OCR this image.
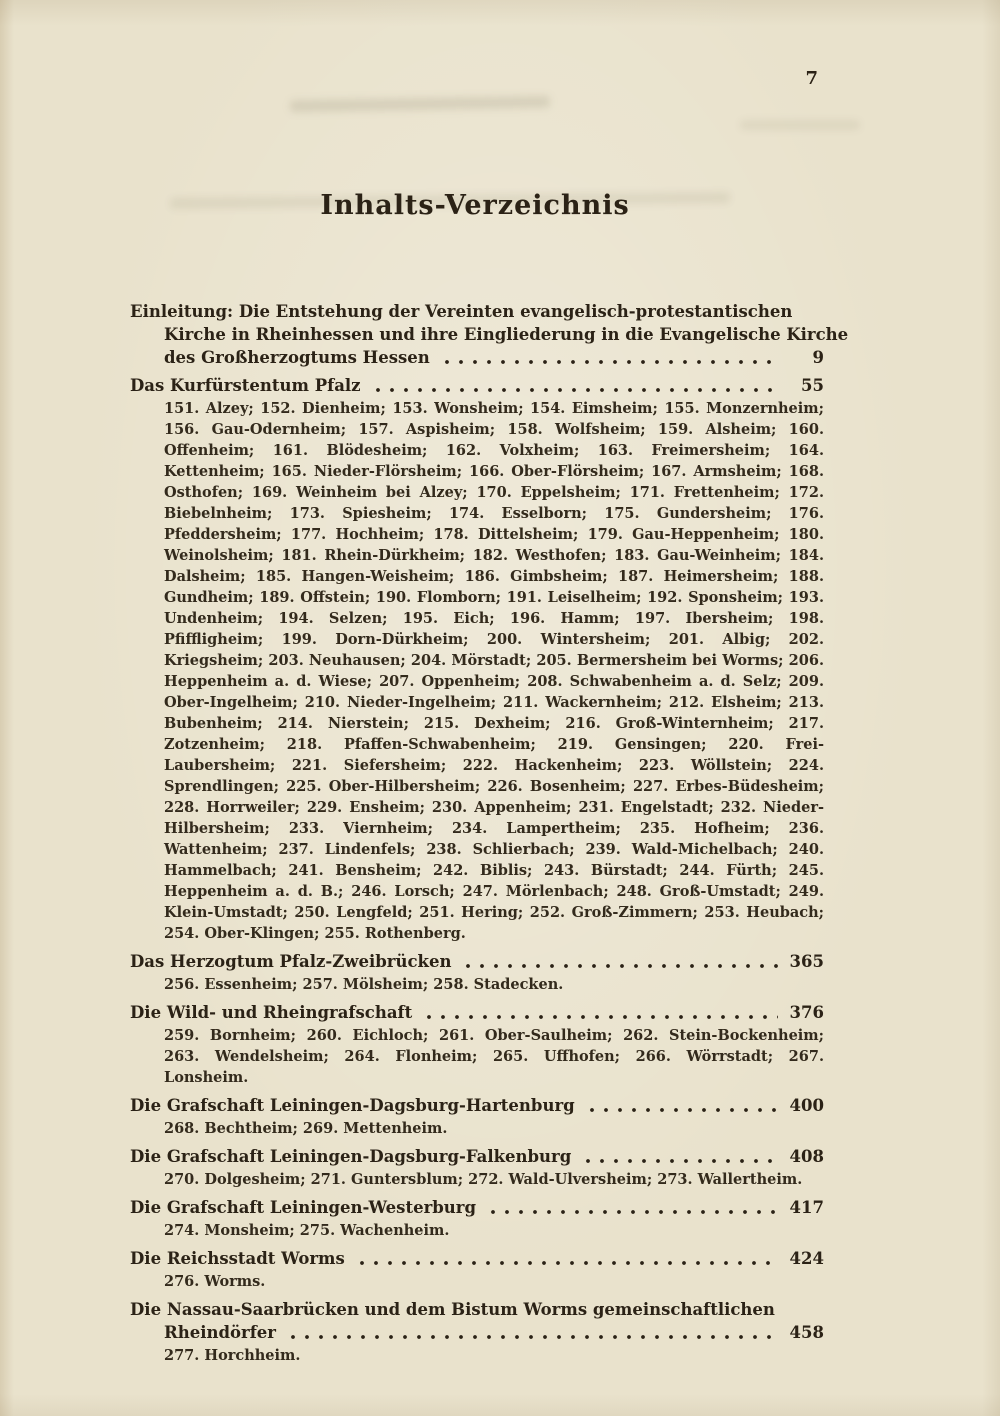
7
Inhalts-Verzeichnis
Einleitung: Die Entstehung der Vereinten evangelisch-protestantischen
Kirche in Rheinhessen und ihre Eingliederung in die Evangelische Kirche
des Großherzogtums Hessen	9
Das Kurfürstentum Pfalz	55
151. Alzey; 152. Dienheim; 153. Wonsheim; 154. Eimsheim; 155. Monzernheim; 156. Gau-Odernheim; 157. Aspisheim; 158. Wolfsheim; 159. Alsheim; 160. Offenheim; 161. Blödesheim; 162. Volxheim; 163. Freimersheim; 164. Kettenheim; 165. Nieder-Flörsheim; 166. Ober-Flörsheim; 167. Armsheim; 168. Osthofen; 169. Weinheim bei Alzey; 170. Eppelsheim; 171. Frettenheim; 172. Biebelnheim; 173. Spiesheim; 174. Esselborn; 175. Gundersheim; 176. Pfeddersheim; 177. Hochheim; 178. Dittelsheim; 179. Gau-Heppenheim; 180. Weinolsheim; 181. Rhein-Dürkheim; 182. Westhofen; 183. Gau-Weinheim; 184. Dalsheim; 185. Hangen-Weisheim; 186. Gimbsheim; 187. Heimersheim; 188. Gundheim; 189. Offstein; 190. Flomborn; 191. Leiselheim; 192. Sponsheim; 193. Undenheim; 194. Selzen; 195. Eich; 196. Hamm; 197. Ibersheim; 198. Pfiffligheim; 199. Dorn-Dürkheim; 200. Wintersheim; 201. Albig; 202. Kriegsheim; 203. Neuhausen; 204. Mörstadt; 205. Bermersheim bei Worms; 206. Heppenheim a. d. Wiese; 207. Oppenheim; 208. Schwabenheim a. d. Selz; 209. Ober-Ingelheim; 210. Nieder-Ingelheim; 211. Wackernheim; 212. Elsheim; 213. Bubenheim; 214. Nierstein; 215. Dexheim; 216. Groß-Winternheim; 217. Zotzenheim; 218. Pfaffen-Schwabenheim; 219. Gensingen; 220. Frei-Laubersheim; 221. Siefersheim; 222. Hackenheim; 223. Wöllstein; 224. Sprendlingen; 225. Ober-Hilbersheim; 226. Bosenheim; 227. Erbes-Büdesheim; 228. Horrweiler; 229. Ensheim; 230. Appenheim; 231. Engelstadt; 232. Nieder-Hilbersheim; 233. Viernheim; 234. Lampertheim; 235. Hofheim; 236. Wattenheim; 237. Lindenfels; 238. Schlierbach; 239. Wald-Michelbach; 240. Hammelbach; 241. Bensheim; 242. Biblis; 243. Bürstadt; 244. Fürth; 245. Heppenheim a. d. B.; 246. Lorsch; 247. Mörlenbach; 248. Groß-Umstadt; 249. Klein-Umstadt; 250. Lengfeld; 251. Hering; 252. Groß-Zimmern; 253. Heubach; 254. Ober-Klingen; 255. Rothenberg.
Das Herzogtum Pfalz-Zweibrücken	365
256. Essenheim; 257. Mölsheim; 258. Stadecken.
Die Wild- und Rheingrafschaft	376
259. Bornheim; 260. Eichloch; 261. Ober-Saulheim; 262. Stein-Bockenheim; 263. Wendelsheim; 264. Flonheim; 265. Uffhofen; 266. Wörrstadt; 267. Lonsheim.
Die Grafschaft Leiningen-Dagsburg-Hartenburg	400
268. Bechtheim; 269. Mettenheim.
Die Grafschaft Leiningen-Dagsburg-Falkenburg	408
270. Dolgesheim; 271. Guntersblum; 272. Wald-Ulversheim; 273. Wallertheim.
Die Grafschaft Leiningen-Westerburg	417
274. Monsheim; 275. Wachenheim.
Die Reichsstadt Worms	424
276. Worms.
Die Nassau-Saarbrücken und dem Bistum Worms gemeinschaftlichen
Rheindörfer	458
277. Horchheim.
